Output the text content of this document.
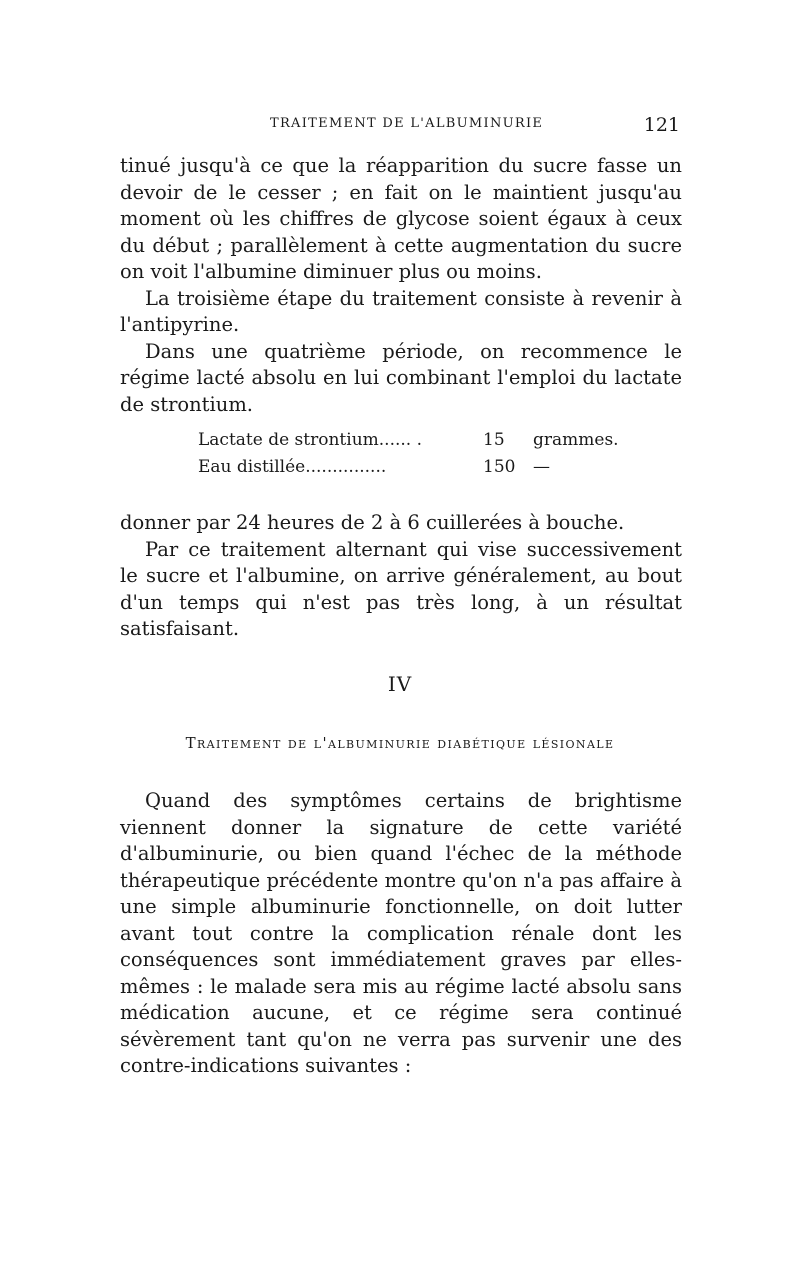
TRAITEMENT DE L'ALBUMINURIE	121

tinué jusqu'à ce que la réapparition du sucre fasse un devoir de le cesser ; en fait on le maintient jusqu'au moment où les chiffres de glycose soient égaux à ceux du début ; parallèlement à cette augmentation du sucre on voit l'albumine diminuer plus ou moins.

La troisième étape du traitement consiste à revenir à l'antipyrine.

Dans une quatrième période, on recommence le régime lacté absolu en lui combinant l'emploi du lactate de strontium.

Lactate de strontium...... .	15	grammes.
Eau distillée...............	150	—

donner par 24 heures de 2 à 6 cuillerées à bouche.

Par ce traitement alternant qui vise successivement le sucre et l'albumine, on arrive généralement, au bout d'un temps qui n'est pas très long, à un résultat satisfaisant.

IV
Traitement de l'albuminurie diabétique lésionale

Quand des symptômes certains de brightisme viennent donner la signature de cette variété d'albuminurie, ou bien quand l'échec de la méthode thérapeutique précédente montre qu'on n'a pas affaire à une simple albuminurie fonctionnelle, on doit lutter avant tout contre la complication rénale dont les conséquences sont immédiatement graves par elles-mêmes : le malade sera mis au régime lacté absolu sans médication aucune, et ce régime sera continué sévèrement tant qu'on ne verra pas survenir une des contre-indications suivantes :
